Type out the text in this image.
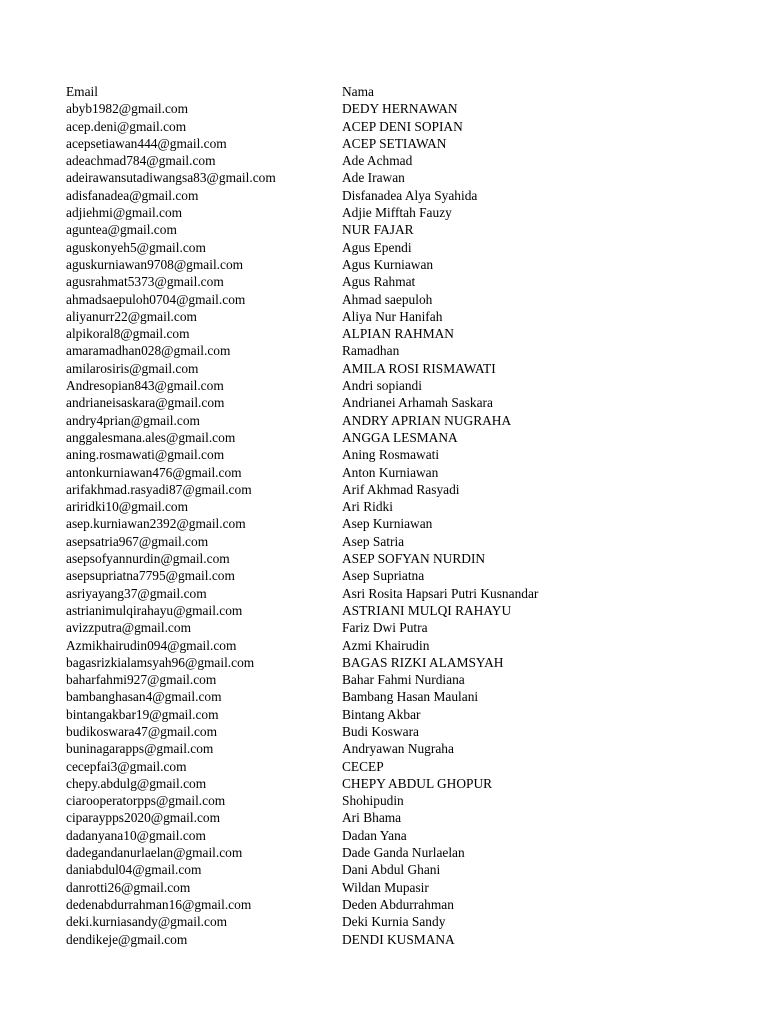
Email	Nama
abyb1982@gmail.com	DEDY HERNAWAN
acep.deni@gmail.com	ACEP DENI SOPIAN
acepsetiawan444@gmail.com	ACEP SETIAWAN
adeachmad784@gmail.com	Ade Achmad
adeirawansutadiwangsa83@gmail.com	Ade Irawan
adisfanadea@gmail.com	Disfanadea Alya Syahida
adjiehmi@gmail.com	Adjie Mifftah Fauzy
aguntea@gmail.com	NUR FAJAR
aguskonyeh5@gmail.com	Agus Ependi
aguskurniawan9708@gmail.com	Agus Kurniawan
agusrahmat5373@gmail.com	Agus Rahmat
ahmadsaepuloh0704@gmail.com	Ahmad saepuloh
aliyanurr22@gmail.com	Aliya Nur Hanifah
alpikoral8@gmail.com	ALPIAN RAHMAN
amaramadhan028@gmail.com	Ramadhan
amilarosiris@gmail.com	AMILA ROSI RISMAWATI
Andresopian843@gmail.com	Andri sopiandi
andrianeisaskara@gmail.com	Andrianei Arhamah Saskara
andry4prian@gmail.com	ANDRY APRIAN NUGRAHA
anggalesmana.ales@gmail.com	ANGGA LESMANA
aning.rosmawati@gmail.com	Aning Rosmawati
antonkurniawan476@gmail.com	Anton Kurniawan
arifakhmad.rasyadi87@gmail.com	Arif Akhmad Rasyadi
ariridki10@gmail.com	Ari Ridki
asep.kurniawan2392@gmail.com	Asep Kurniawan
asepsatria967@gmail.com	Asep Satria
asepsofyannurdin@gmail.com	ASEP SOFYAN NURDIN
asepsupriatna7795@gmail.com	Asep Supriatna
asriyayang37@gmail.com	Asri Rosita Hapsari Putri Kusnandar
astrianimulqirahayu@gmail.com	ASTRIANI MULQI RAHAYU
avizzputra@gmail.com	Fariz Dwi Putra
Azmikhairudin094@gmail.com	Azmi Khairudin
bagasrizkialamsyah96@gmail.com	BAGAS RIZKI ALAMSYAH
baharfahmi927@gmail.com	Bahar Fahmi Nurdiana
bambanghasan4@gmail.com	Bambang Hasan Maulani
bintangakbar19@gmail.com	Bintang Akbar
budikoswara47@gmail.com	Budi Koswara
buninagarapps@gmail.com	Andryawan Nugraha
cecepfai3@gmail.com	CECEP
chepy.abdulg@gmail.com	CHEPY ABDUL GHOPUR
ciarooperatorpps@gmail.com	Shohipudin
ciparaypps2020@gmail.com	Ari Bhama
dadanyana10@gmail.com	Dadan Yana
dadegandanurlaelan@gmail.com	Dade Ganda Nurlaelan
daniabdul04@gmail.com	Dani Abdul Ghani
danrotti26@gmail.com	Wildan Mupasir
dedenabdurrahman16@gmail.com	Deden Abdurrahman
deki.kurniasandy@gmail.com	Deki Kurnia Sandy
dendikeje@gmail.com	DENDI KUSMANA
